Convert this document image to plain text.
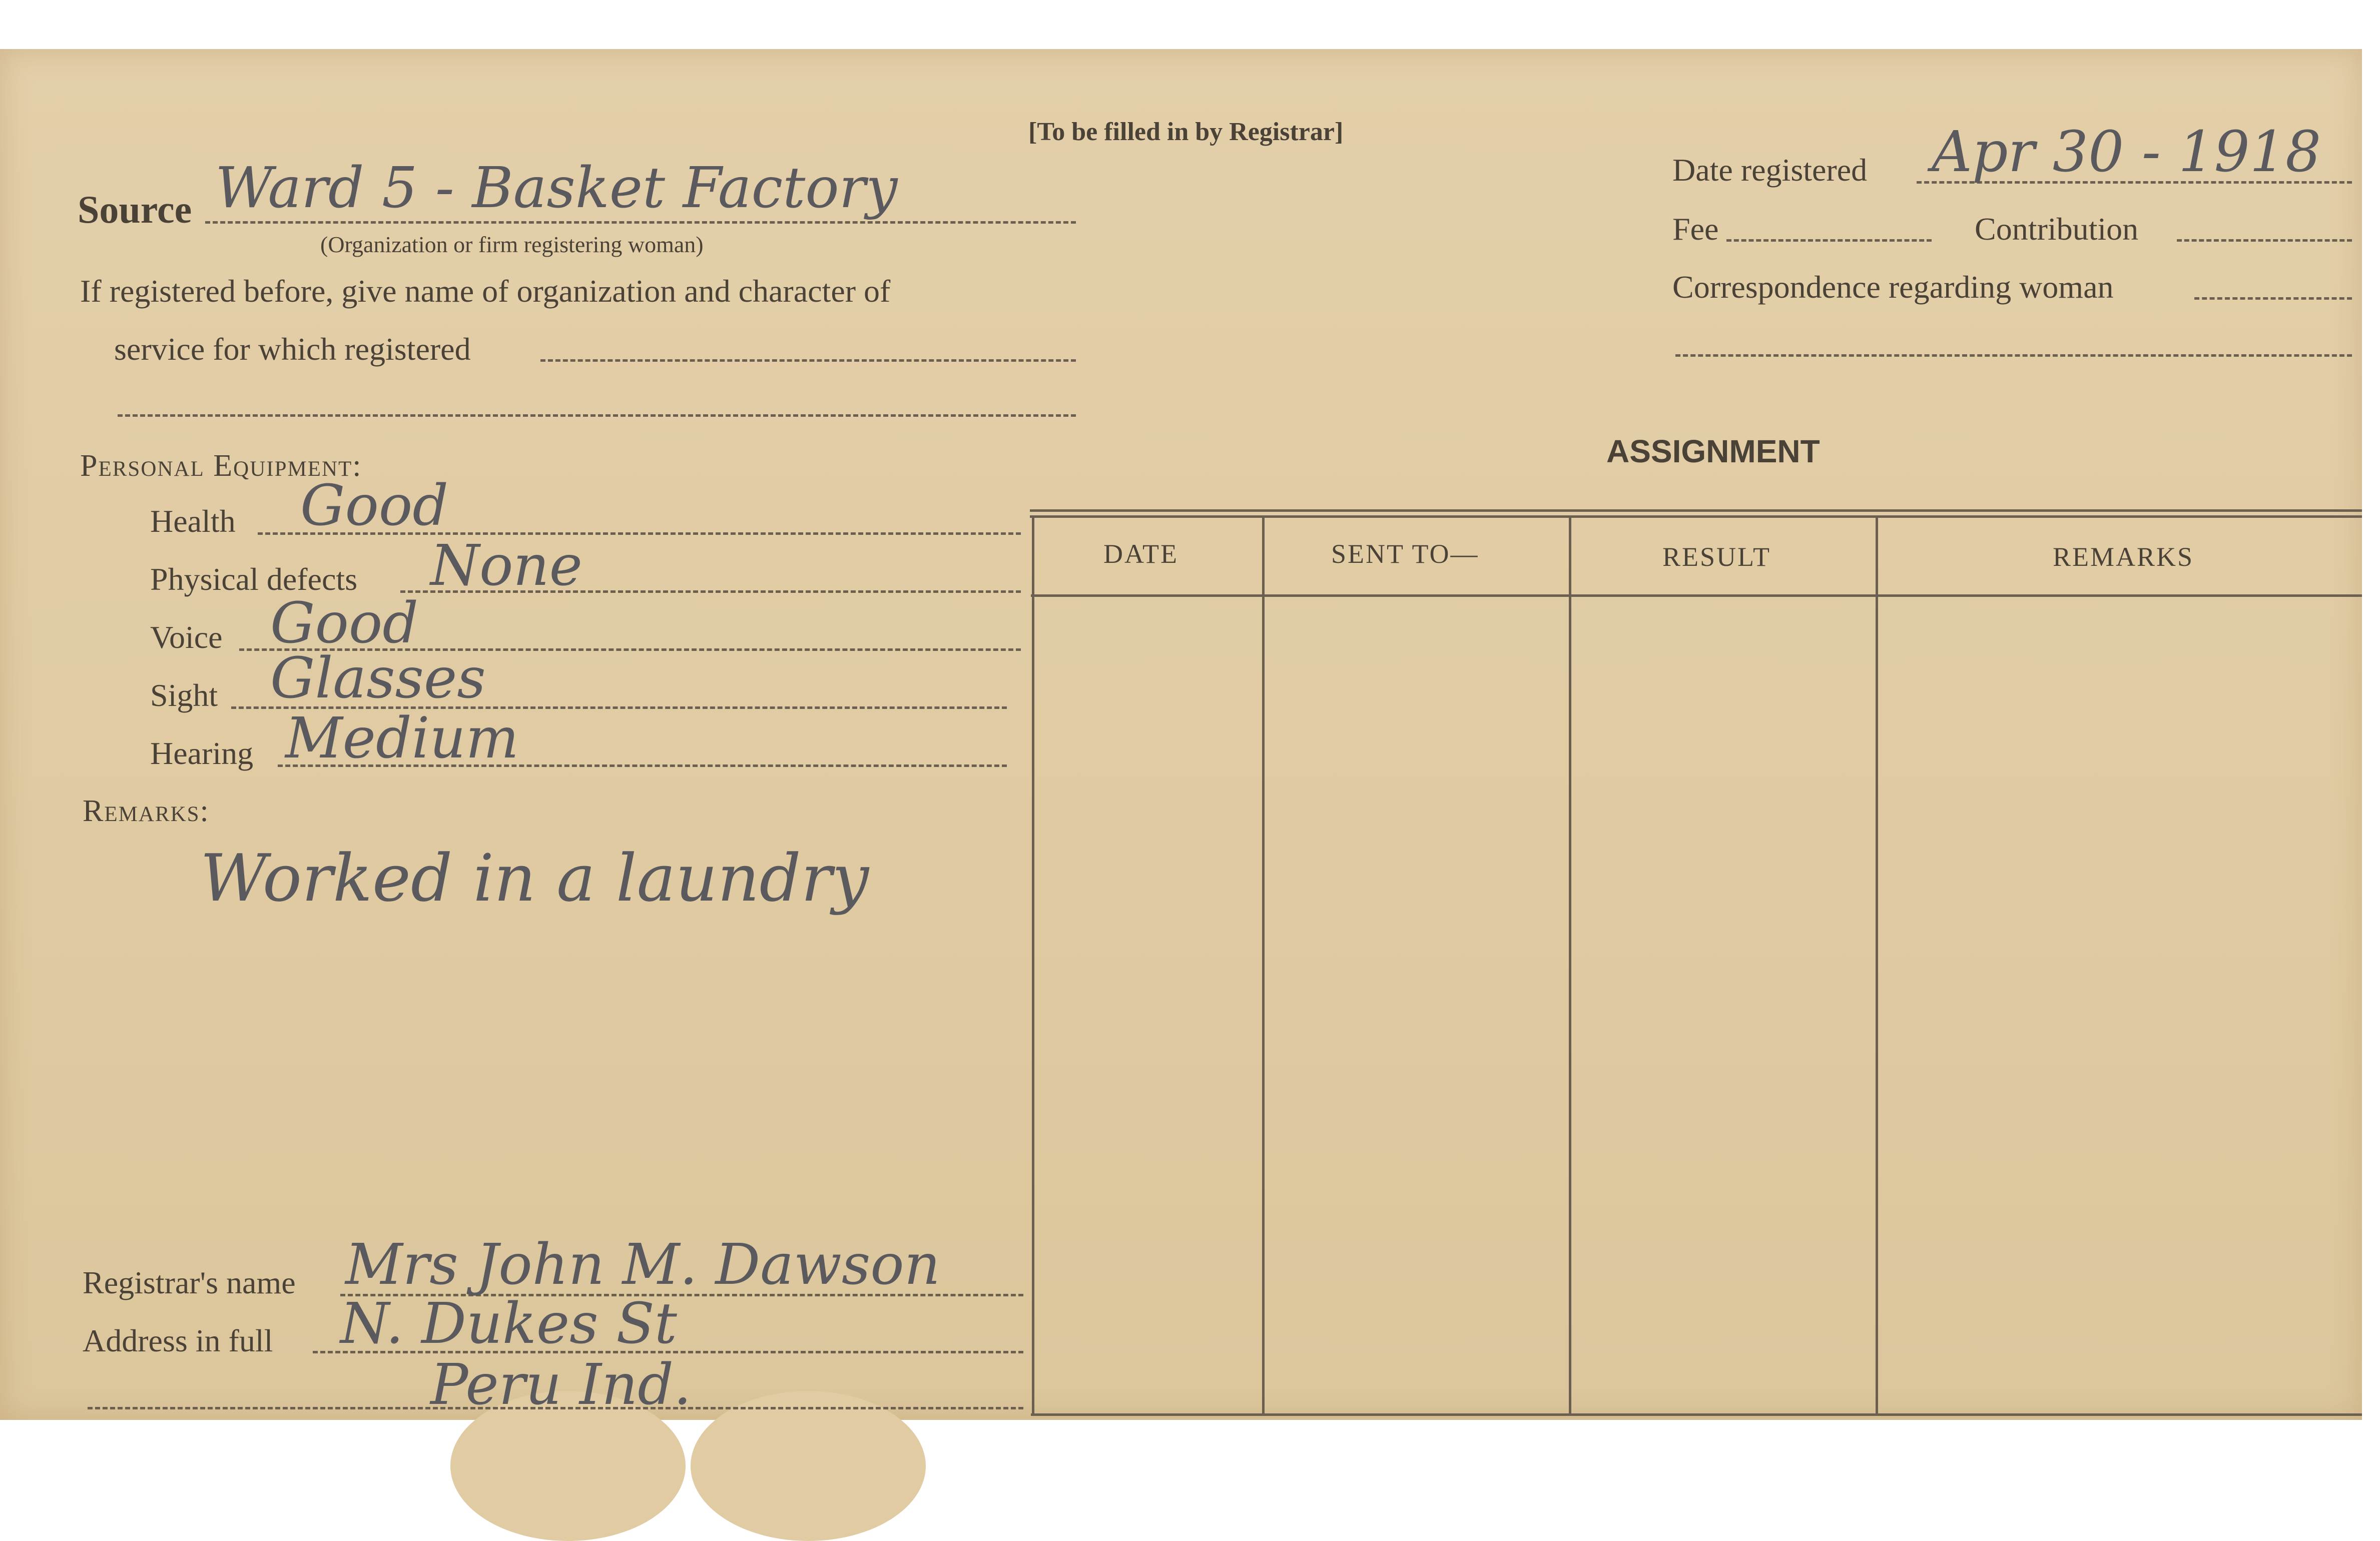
[To be filled in by Registrar]
Source Ward 5 - Basket Factory
(Organization or firm registering woman)
If registered before, give name of organization and character of
service for which registered
Date registered Apr 30 - 1918
Fee	Contribution
Correspondence regarding woman
Personal Equipment:
Health Good
Physical defects None
Voice Good
Sight Glasses
Hearing Medium
Remarks:
Worked in a laundry
Registrar's name Mrs John M. Dawson
Address in full N. Dukes St
Peru Ind.
ASSIGNMENT
DATE	SENT TO—	RESULT	REMARKS
